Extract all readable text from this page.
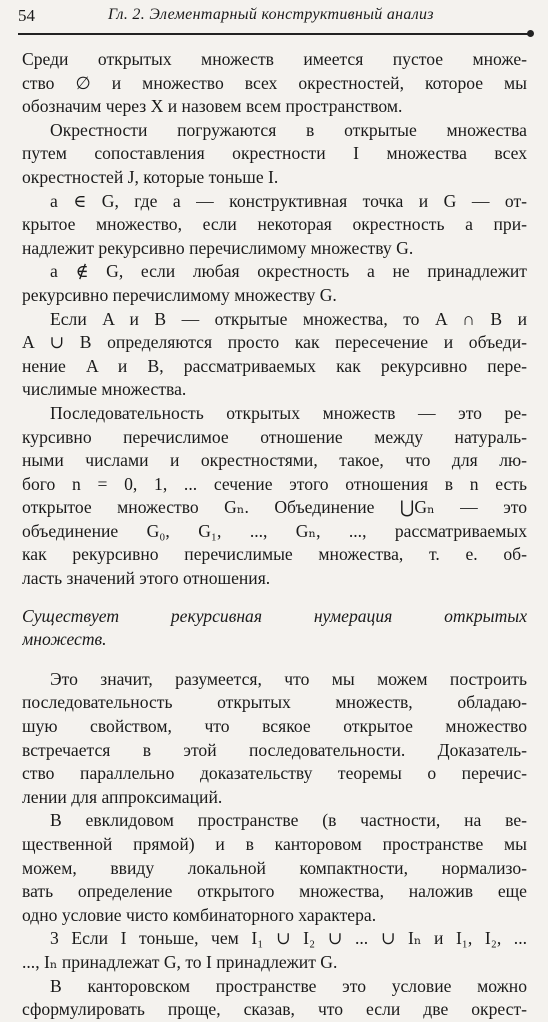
54	Гл. 2. Элементарный конструктивный анализ
Среди открытых множеств имеется пустое множе-
ство ∅ и множество всех окрестностей, которое мы
обозначим через X и назовем всем пространством.
Окрестности погружаются в открытые множества
путем сопоставления окрестности I множества всех
окрестностей J, которые тоньше I.
a ∈ G, где a — конструктивная точка и G — от-
крытое множество, если некоторая окрестность a при-
надлежит рекурсивно перечислимому множеству G.
a ∉ G, если любая окрестность a не принадлежит
рекурсивно перечислимому множеству G.
Если A и B — открытые множества, то A ∩ B и
A ∪ B определяются просто как пересечение и объеди-
нение A и B, рассматриваемых как рекурсивно пере-
числимые множества.
Последовательность открытых множеств — это ре-
курсивно перечислимое отношение между натураль-
ными числами и окрестностями, такое, что для лю-
бого n = 0, 1, ... сечение этого отношения в n есть
открытое множество Gₙ. Объединение ⋃Gₙ — это
объединение G₀, G₁, ..., Gₙ, ..., рассматриваемых
как рекурсивно перечислимые множества, т. е. об-
ласть значений этого отношения.
Существует рекурсивная нумерация открытых
множеств.
Это значит, разумеется, что мы можем построить
последовательность открытых множеств, обладаю-
шую свойством, что всякое открытое множество
встречается в этой последовательности. Доказатель-
ство параллельно доказательству теоремы о перечис-
лении для аппроксимаций.
В евклидовом пространстве (в частности, на ве-
щественной прямой) и в канторовом пространстве мы
можем, ввиду локальной компактности, нормализо-
вать определение открытого множества, наложив еще
одно условие чисто комбинаторного характера.
3 Если I тоньше, чем I₁ ∪ I₂ ∪ ... ∪ Iₙ и I₁, I₂, ...
..., Iₙ принадлежат G, то I принадлежит G.
В канторовском пространстве это условие можно
сформулировать проще, сказав, что если две окрест-
